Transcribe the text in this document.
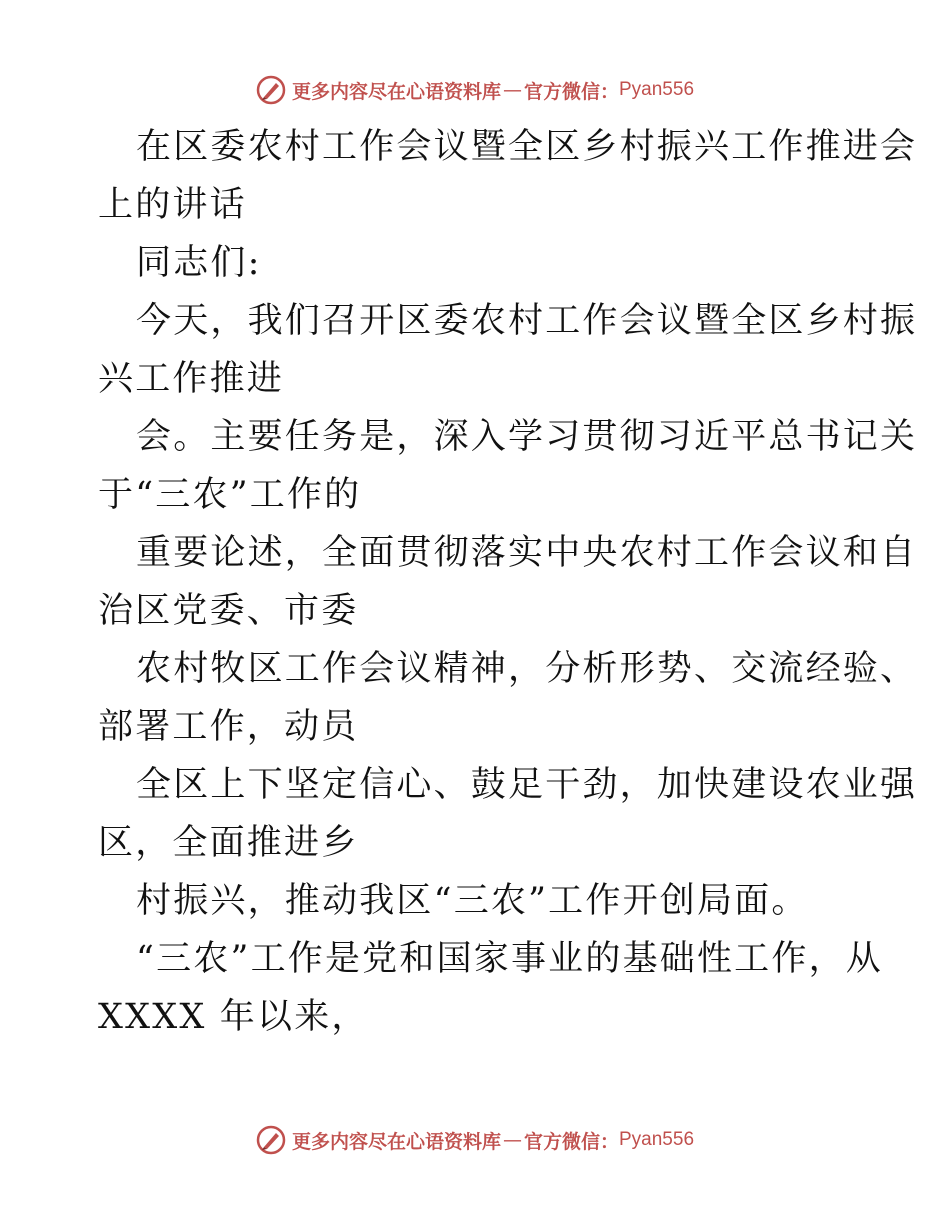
更多内容尽在心语资料库 — 官方微信： Pyan556
在区委农村工作会议暨全区乡村振兴工作推进会
上的讲话
同志们:
今天，我们召开区委农村工作会议暨全区乡村振
兴工作推进
会。主要任务是，深入学习贯彻习近平总书记关
于“三农”工作的
重要论述，全面贯彻落实中央农村工作会议和自
治区党委、市委
农村牧区工作会议精神，分析形势、交流经验、
部署工作，动员
全区上下坚定信心、鼓足干劲，加快建设农业强
区，全面推进乡
村振兴，推动我区“三农”工作开创局面。
“三农”工作是党和国家事业的基础性工作，从
XXXX 年以来，
更多内容尽在心语资料库 — 官方微信： Pyan556
